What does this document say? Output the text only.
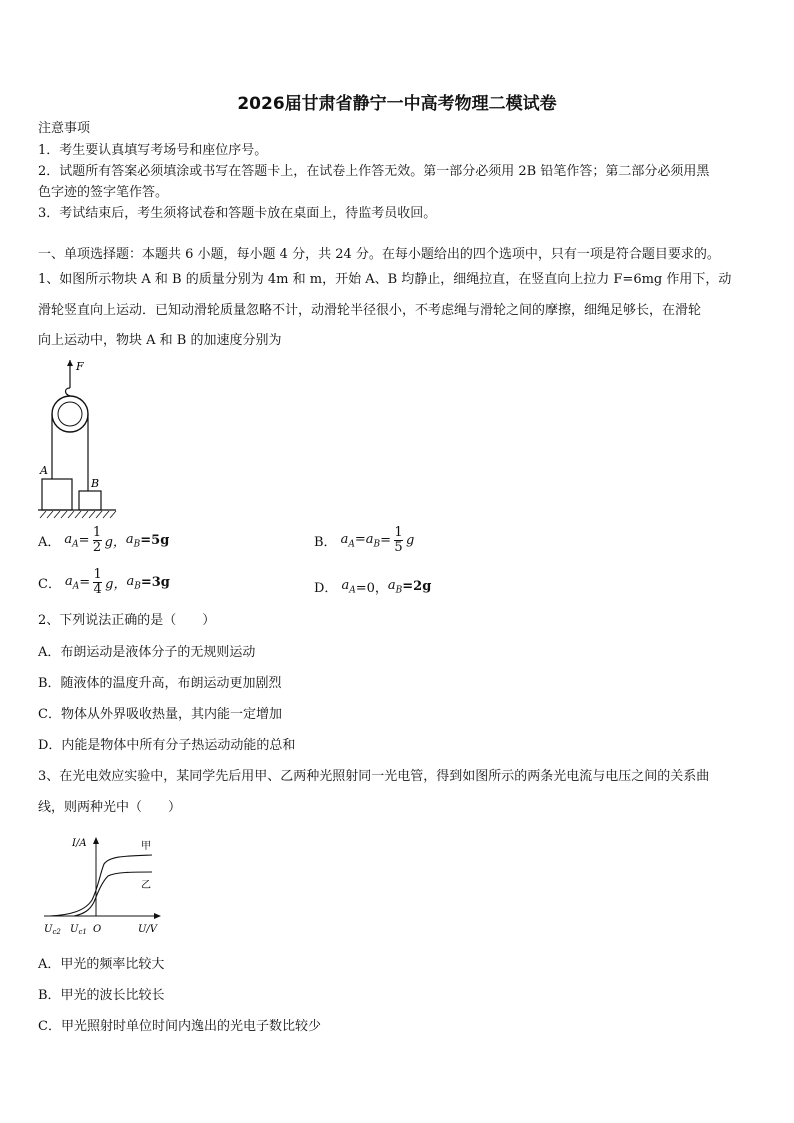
2026届甘肃省静宁一中高考物理二模试卷
注意事项
1．考生要认真填写考场号和座位序号。
2．试题所有答案必须填涂或书写在答题卡上，在试卷上作答无效。第一部分必须用 2B 铅笔作答；第二部分必须用黑
色字迹的签字笔作答。
3．考试结束后，考生须将试卷和答题卡放在桌面上，待监考员收回。
一、单项选择题：本题共 6 小题，每小题 4 分，共 24 分。在每小题给出的四个选项中，只有一项是符合题目要求的。
1、如图所示物块 A 和 B 的质量分别为 4m 和 m，开始 A、B 均静止，细绳拉直，在竖直向上拉力 F=6mg 作用下，动
滑轮竖直向上运动．已知动滑轮质量忽略不计，动滑轮半径很小，不考虑绳与滑轮之间的摩擦，细绳足够长，在滑轮
向上运动中，物块 A 和 B 的加速度分别为
F
A
B
A． $a_A = \frac{1}{2}$ g， $a_B =5g$	B． $a_A =a_B = \frac{1}{5}$ g
C． $a_A = \frac{1}{4}$ g， $a_B =3g$	D． $a_A =0$， $a_B =2g$
2、下列说法正确的是（　　）
A．布朗运动是液体分子的无规则运动
B．随液体的温度升高，布朗运动更加剧烈
C．物体从外界吸收热量，其内能一定增加
D．内能是物体中所有分子热运动动能的总和
3、在光电效应实验中，某同学先后用甲、乙两种光照射同一光电管，得到如图所示的两条光电流与电压之间的关系曲
线，则两种光中（　　）
I/A
U/V
甲
乙
$U_{c2}$ $U_{c1}$ O
A．甲光的频率比较大
B．甲光的波长比较长
C．甲光照射时单位时间内逸出的光电子数比较少
